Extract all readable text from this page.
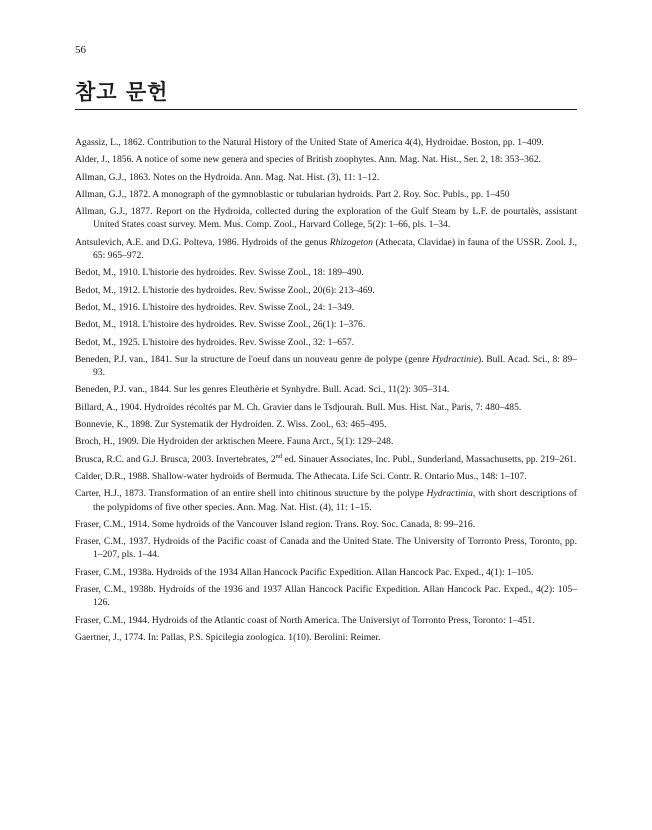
56
참고 문헌

Agassiz, L., 1862. Contribution to the Natural History of the United State of America 4(4), Hydroidae. Boston, pp. 1–409.

Alder, J., 1856. A notice of some new genera and species of British zoophytes. Ann. Mag. Nat. Hist., Ser. 2, 18: 353–362.

Allman, G.J., 1863. Notes on the Hydroida. Ann. Mag. Nat. Hist. (3), 11: 1–12.

Allman, G.J., 1872. A monograph of the gymnoblastic or tubularian hydroids. Part 2. Roy. Soc. Publs., pp. 1–450

Allman, G.J., 1877. Report on the Hydroida, collected during the exploration of the Gulf Steam by L.F. de pourtalès, assistant United States coast survey. Mem. Mus. Comp. Zool., Harvard College, 5(2): 1–66, pls. 1–34.

Antsulevich, A.E. and D.G. Polteva, 1986. Hydroids of the genus Rhizogeton (Athecata, Clavidae) in fauna of the USSR. Zool. J., 65: 965–972.

Bedot, M., 1910. L'historie des hydroides. Rev. Swisse Zool., 18: 189–490.

Bedot, M., 1912. L'historie des hydroides. Rev. Swisse Zool., 20(6): 213–469.

Bedot, M., 1916. L'histoire des hydroides. Rev. Swisse Zool., 24: 1–349.

Bedot, M., 1918. L'histoire des hydroides. Rev. Swisse Zool., 26(1): 1–376.

Bedot, M., 1925. L'histoire des hydroides. Rev. Swisse Zool., 32: 1–657.

Beneden, P.J. van., 1841. Sur la structure de l'oeuf dans un nouveau genre de polype (genre Hydractinie). Bull. Acad. Sci., 8: 89–93.

Beneden, P.J. van., 1844. Sur les genres Eleuthèrie et Synhydre. Bull. Acad. Sci., 11(2): 305–314.

Billard, A., 1904. Hydroïdes récoltés par M. Ch. Gravier dans le Tsdjourah. Bull. Mus. Hist. Nat., Paris, 7: 480–485.

Bonnevie, K., 1898. Zur Systematik der Hydroiden. Z. Wiss. Zool., 63: 465–495.

Broch, H., 1909. Die Hydroiden der arktischen Meere. Fauna Arct., 5(1): 129–248.

Brusca, R.C. and G.J. Brusca, 2003. Invertebrates, 2nd ed. Sinauer Associates, Inc. Publ., Sunderland, Massachusetts, pp. 219–261.

Calder, D.R., 1988. Shallow-water hydroids of Bermuda. The Athecata. Life Sci. Contr. R. Ontario Mus., 148: 1–107.

Carter, H.J., 1873. Transformation of an entire shell into chitinous structure by the polype Hydractinia, with short descriptions of the polypidoms of five other species. Ann. Mag. Nat. Hist. (4), 11: 1–15.

Fraser, C.M., 1914. Some hydroids of the Vancouver Island region. Trans. Roy. Soc. Canada, 8: 99–216.

Fraser, C.M., 1937. Hydroids of the Pacific coast of Canada and the United State. The University of Torronto Press, Toronto, pp. 1–207, pls. 1–44.

Fraser, C.M., 1938a. Hydroids of the 1934 Allan Hancock Pacific Expedition. Allan Hancock Pac. Exped., 4(1): 1–105.

Fraser, C.M., 1938b. Hydroids of the 1936 and 1937 Allan Hancock Pacific Expedition. Allan Hancock Pac. Exped., 4(2): 105–126.

Fraser, C.M., 1944. Hydroids of the Atlantic coast of North America. The Universiyt of Torronto Press, Toronto: 1–451.

Gaertner, J., 1774. In: Pallas, P.S. Spicilegia zoologica. 1(10). Berolini: Reimer.
